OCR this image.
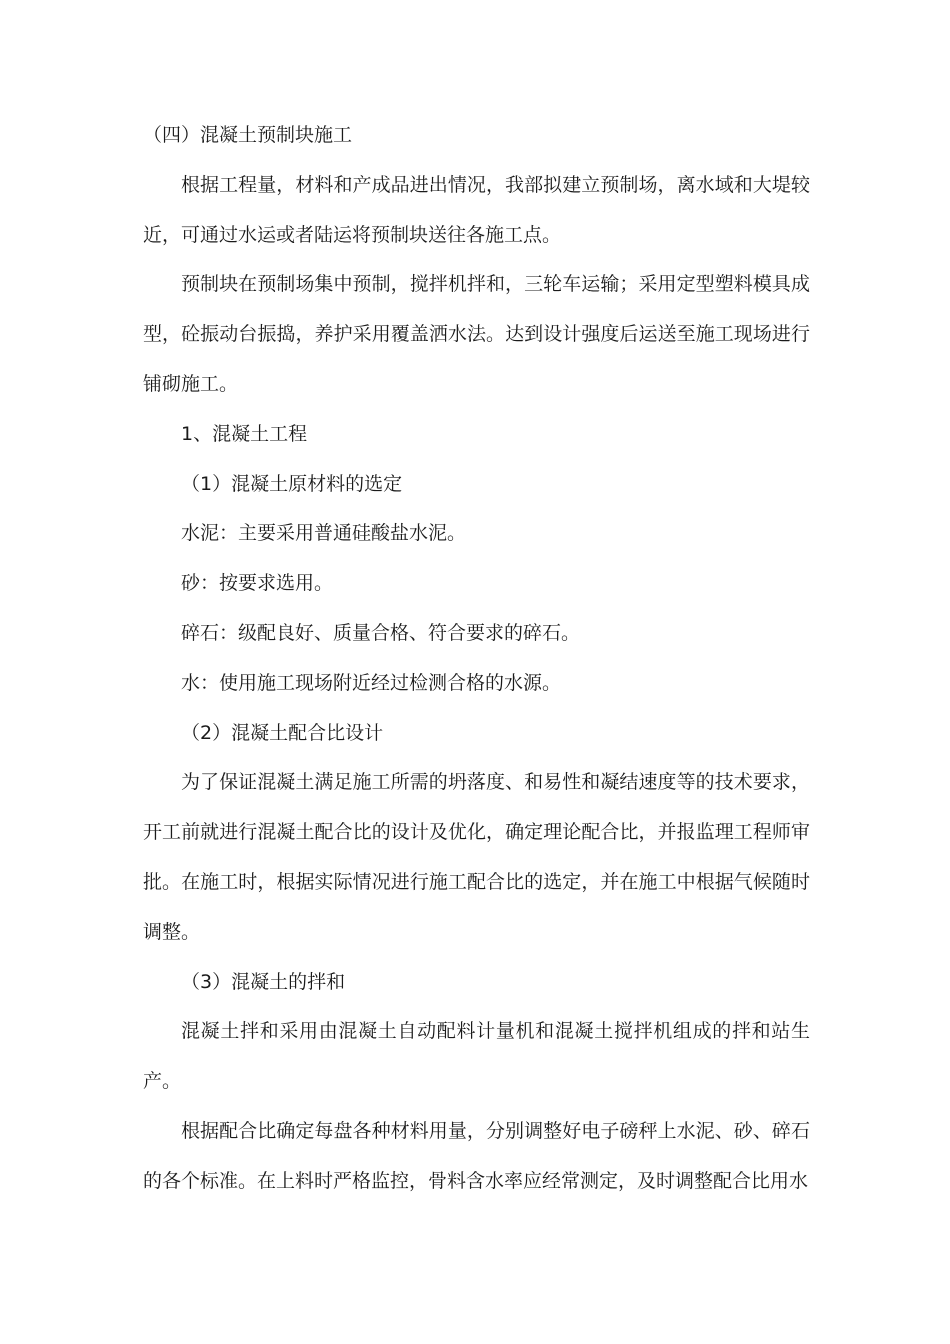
（四）混凝土预制块施工

根据工程量，材料和产成品进出情况，我部拟建立预制场，离水域和大堤较近，可通过水运或者陆运将预制块送往各施工点。

预制块在预制场集中预制，搅拌机拌和，三轮车运输；采用定型塑料模具成型，砼振动台振捣，养护采用覆盖洒水法。达到设计强度后运送至施工现场进行铺砌施工。

1、混凝土工程

（1）混凝土原材料的选定

水泥：主要采用普通硅酸盐水泥。

砂：按要求选用。

碎石：级配良好、质量合格、符合要求的碎石。

水：使用施工现场附近经过检测合格的水源。

（2）混凝土配合比设计

为了保证混凝土满足施工所需的坍落度、和易性和凝结速度等的技术要求，开工前就进行混凝土配合比的设计及优化，确定理论配合比，并报监理工程师审批。在施工时，根据实际情况进行施工配合比的选定，并在施工中根据气候随时调整。

（3）混凝土的拌和

混凝土拌和采用由混凝土自动配料计量机和混凝土搅拌机组成的拌和站生产。

根据配合比确定每盘各种材料用量，分别调整好电子磅秤上水泥、砂、碎石的各个标准。在上料时严格监控，骨料含水率应经常测定，及时调整配合比用水
